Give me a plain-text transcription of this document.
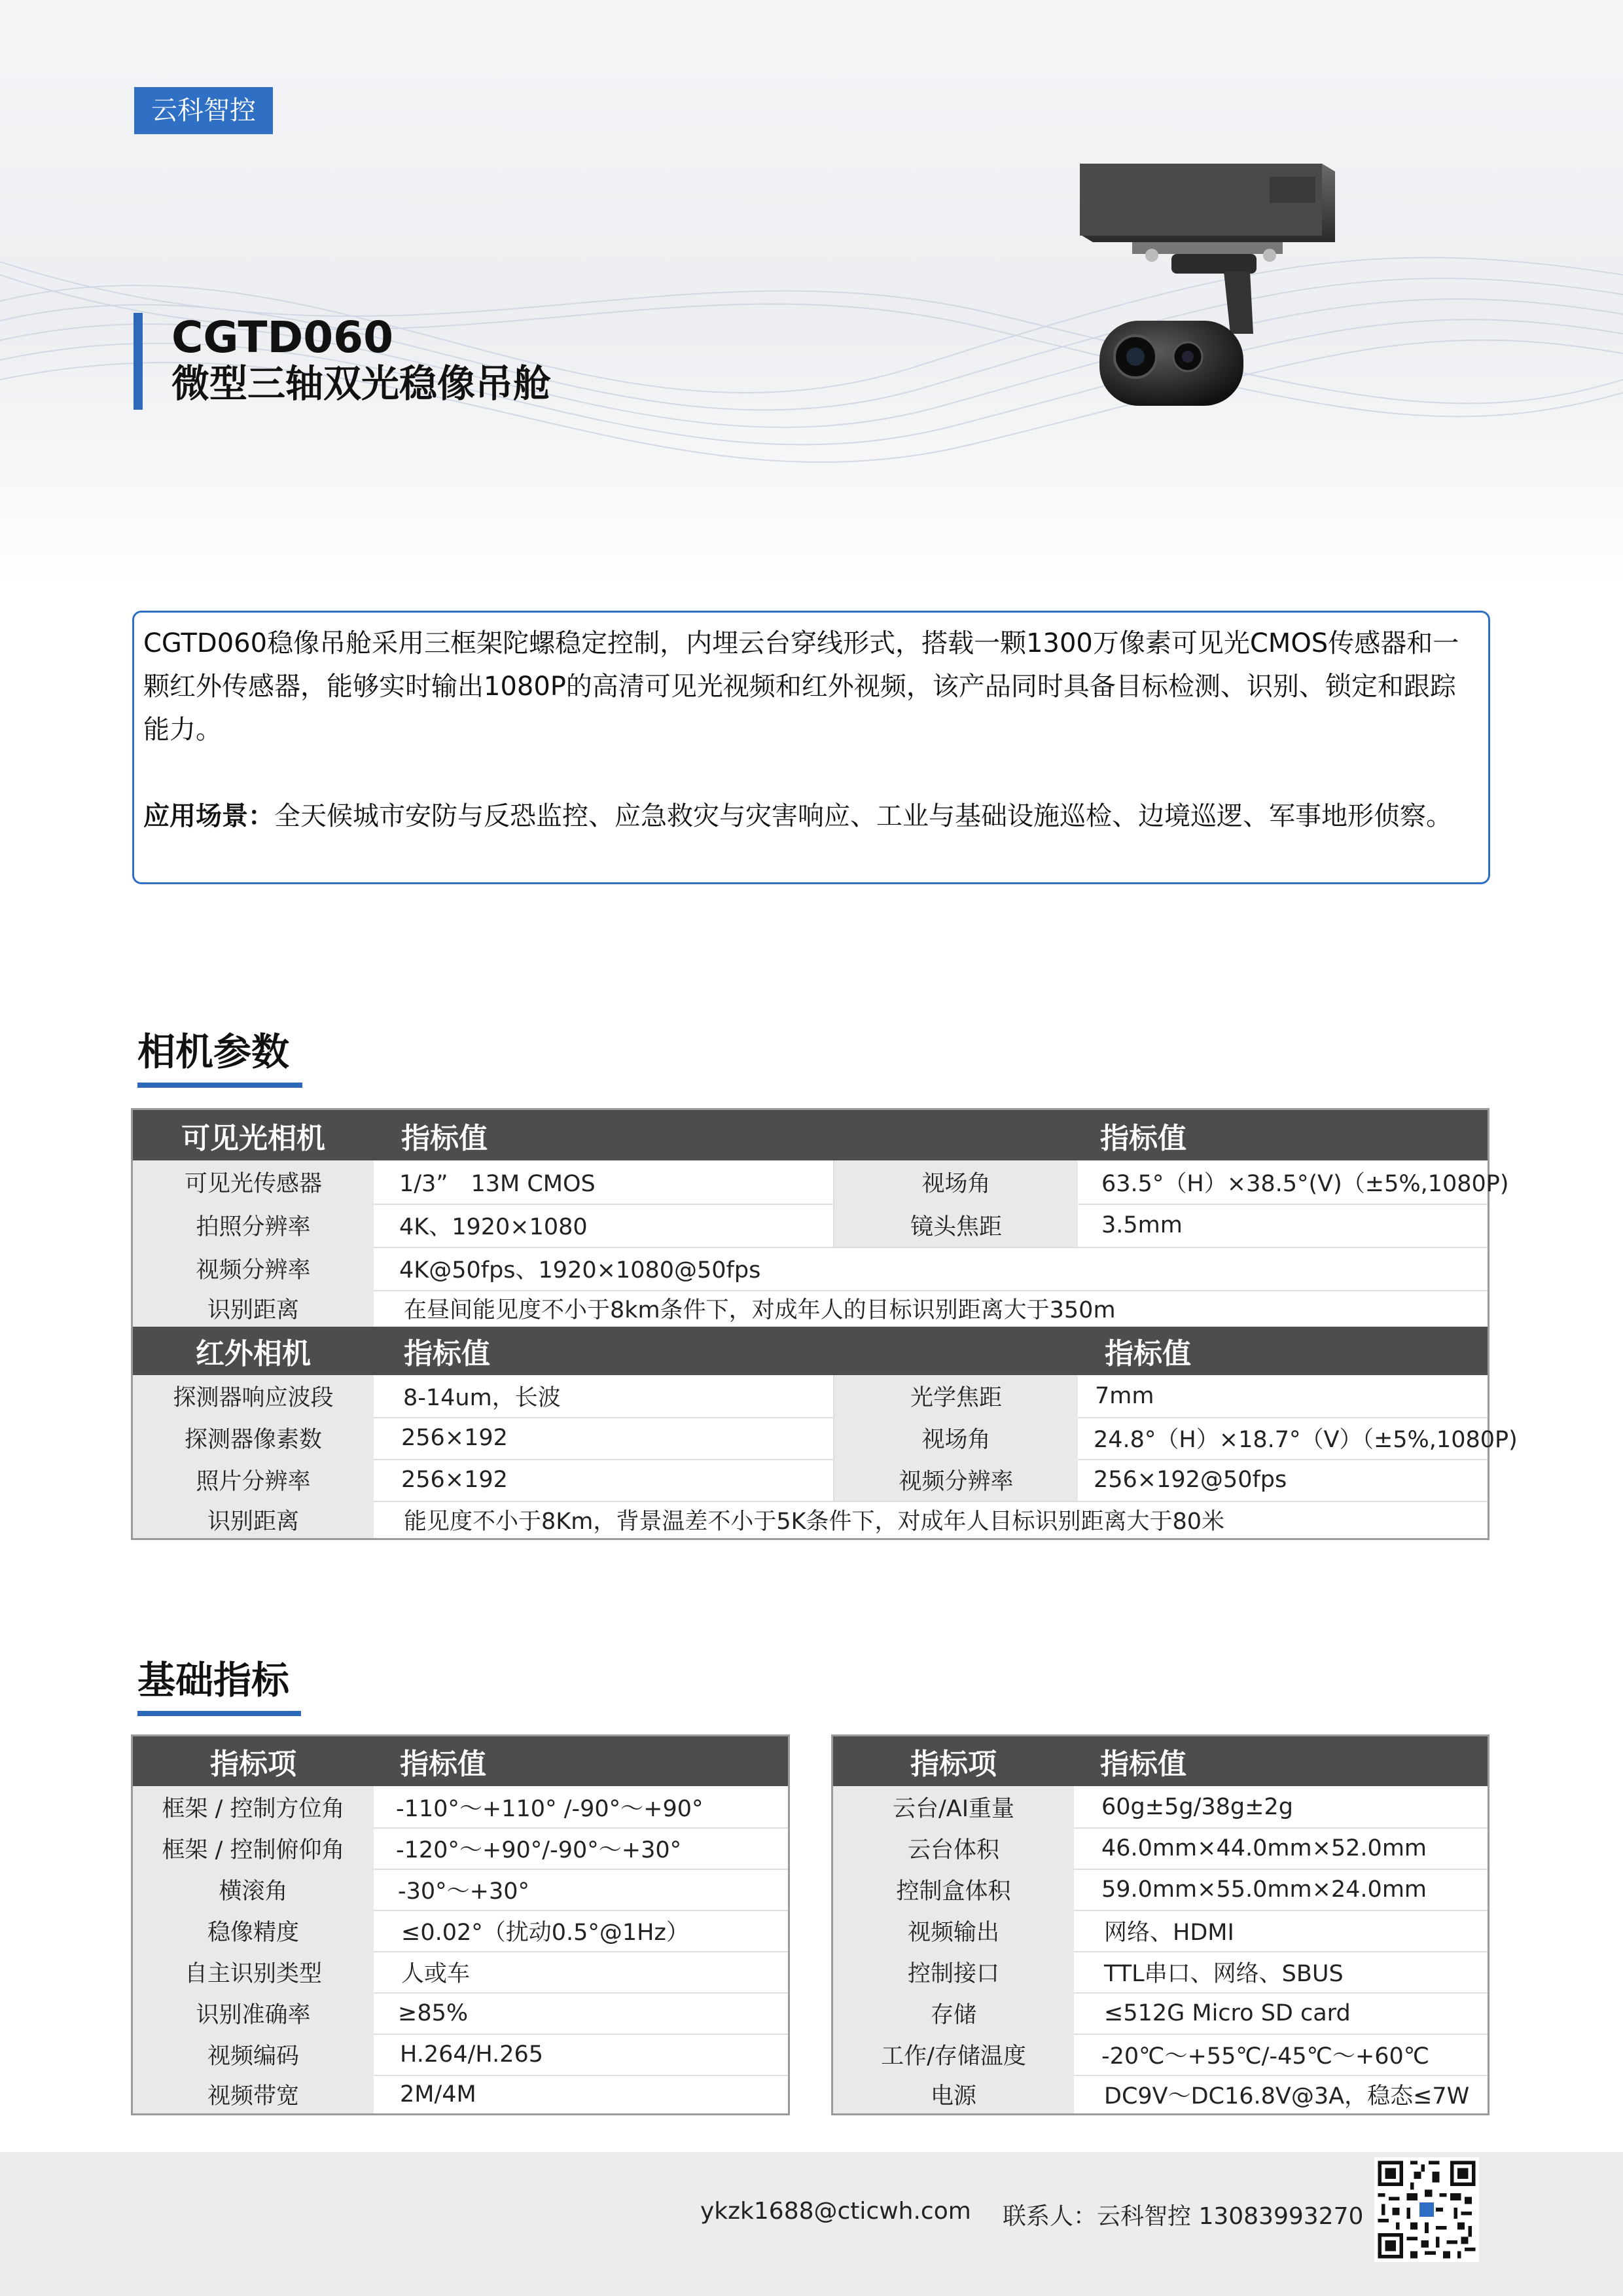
云科智控
CGTD060
微型三轴双光稳像吊舱

CGTD060稳像吊舱采用三框架陀螺稳定控制，内埋云台穿线形式，搭载一颗1300万像素可见光CMOS传感器和一颗红外传感器，能够实时输出1080P的高清可见光视频和红外视频，该产品同时具备目标检测、识别、锁定和跟踪能力。

应用场景：全天候城市安防与反恐监控、应急救灾与灾害响应、工业与基础设施巡检、边境巡逻、军事地形侦察。

相机参数
可见光相机	指标值	指标值
可见光传感器	1/3”　13M CMOS	视场角	63.5°（H）×38.5°(V)（±5%,1080P)
拍照分辨率	4K、1920×1080	镜头焦距	3.5mm
视频分辨率	4K@50fps、1920×1080@50fps
识别距离	在昼间能见度不小于8km条件下，对成年人的目标识别距离大于350m
红外相机	指标值	指标值
探测器响应波段	8-14um，长波	光学焦距	7mm
探测器像素数	256×192	视场角	24.8°（H）×18.7°（V）（±5%,1080P)
照片分辨率	256×192	视频分辨率	256×192@50fps
识别距离	能见度不小于8Km，背景温差不小于5K条件下，对成年人目标识别距离大于80米
基础指标
指标项	指标值
框架 / 控制方位角	-110°～+110° /-90°～+90°
框架 / 控制俯仰角	-120°～+90°/-90°～+30°
横滚角	-30°～+30°
稳像精度	≤0.02°（扰动0.5°@1Hz）
自主识别类型	人或车
识别准确率	≥85%
视频编码	H.264/H.265
视频带宽	2M/4M
指标项	指标值
云台/AI重量	60g±5g/38g±2g
云台体积	46.0mm×44.0mm×52.0mm
控制盒体积	59.0mm×55.0mm×24.0mm
视频输出	网络、HDMI
控制接口	TTL串口、网络、SBUS
存储	≤512G Micro SD card
工作/存储温度	-20℃～+55℃/-45℃～+60℃
电源	DC9V～DC16.8V@3A，稳态≤7W
ykzk1688@cticwh.com 联系人：云科智控 13083993270
